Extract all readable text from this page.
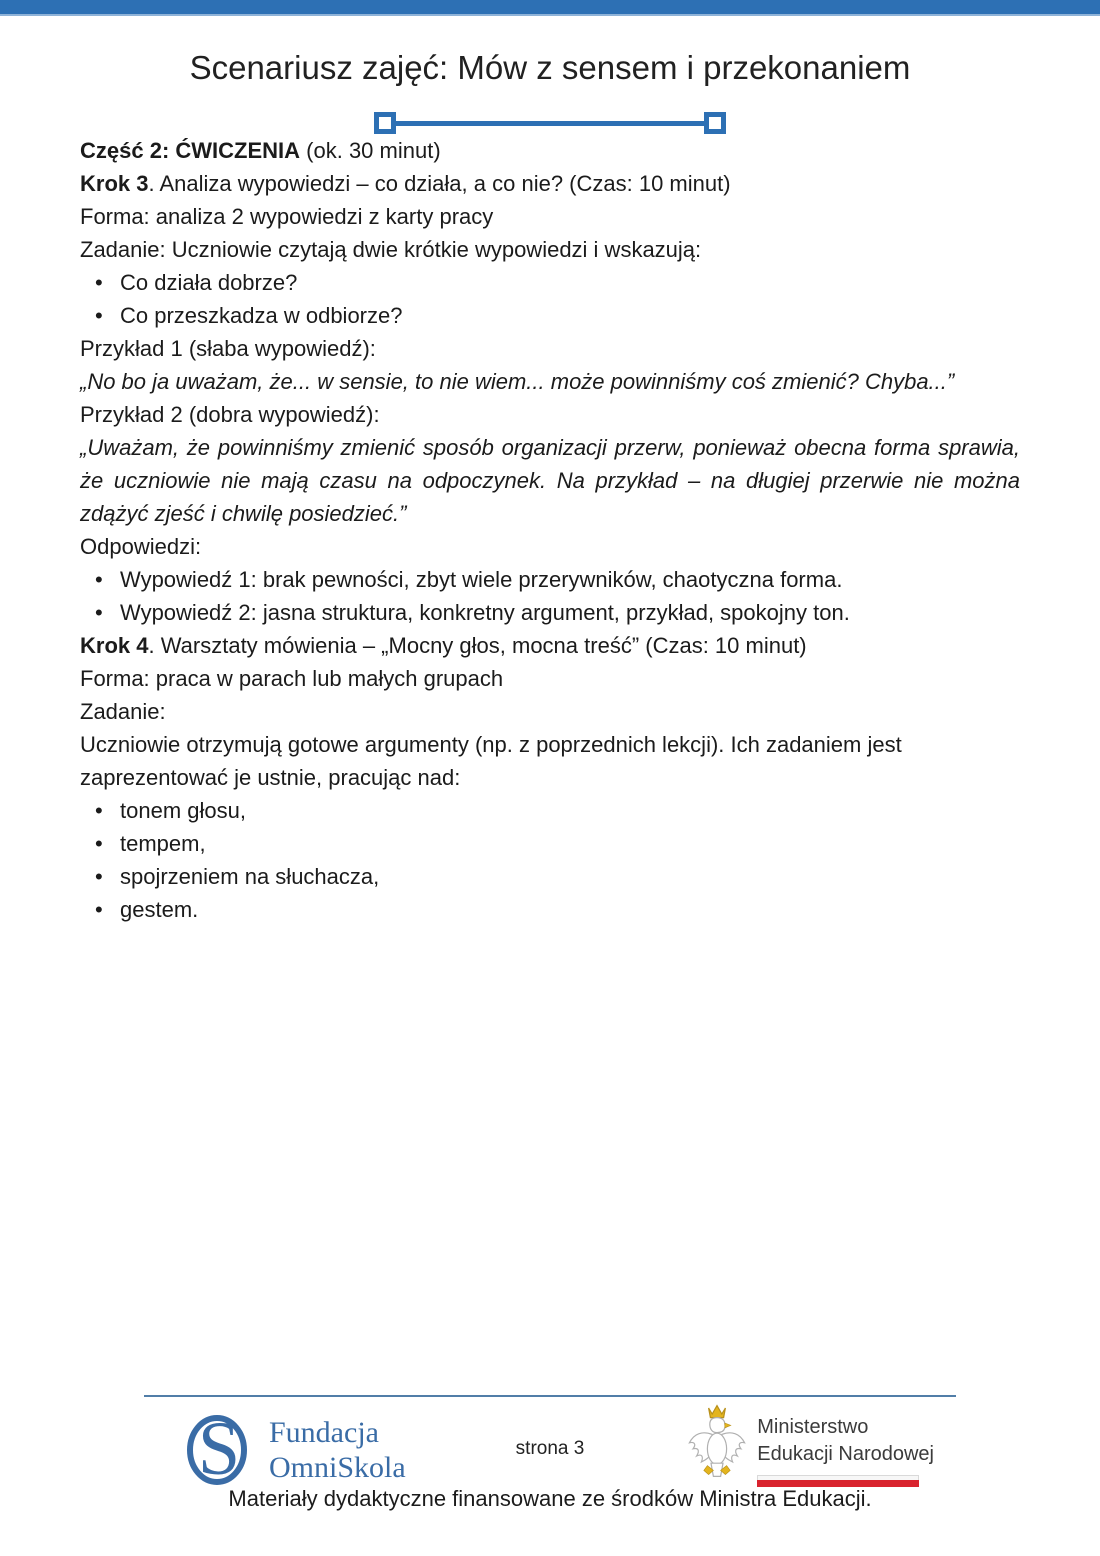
Scenariusz zajęć: Mów z sensem i przekonaniem

Część 2: ĆWICZENIA (ok. 30 minut)

Krok 3. Analiza wypowiedzi – co działa, a co nie? (Czas: 10 minut)

Forma: analiza 2 wypowiedzi z karty pracy

Zadanie: Uczniowie czytają dwie krótkie wypowiedzi i wskazują:

• Co działa dobrze?
• Co przeszkadza w odbiorze?

Przykład 1 (słaba wypowiedź):

„No bo ja uważam, że... w sensie, to nie wiem... może powinniśmy coś zmienić? Chyba...”

Przykład 2 (dobra wypowiedź):

„Uważam, że powinniśmy zmienić sposób organizacji przerw, ponieważ obecna forma sprawia, że uczniowie nie mają czasu na odpoczynek. Na przykład – na długiej przerwie nie można zdążyć zjeść i chwilę posiedzieć.”

Odpowiedzi:

• Wypowiedź 1: brak pewności, zbyt wiele przerywników, chaotyczna forma.
• Wypowiedź 2: jasna struktura, konkretny argument, przykład, spokojny ton.

Krok 4. Warsztaty mówienia – „Mocny głos, mocna treść” (Czas: 10 minut)

Forma: praca w parach lub małych grupach

Zadanie:

Uczniowie otrzymują gotowe argumenty (np. z poprzednich lekcji). Ich zadaniem jest zaprezentować je ustnie, pracując nad:

• tonem głosu,
• tempem,
• spojrzeniem na słuchacza,
• gestem.
S Fundacja
OmniSkola
strona 3
Ministerstwo
Edukacji Narodowej
Materiały dydaktyczne finansowane ze środków Ministra Edukacji.
